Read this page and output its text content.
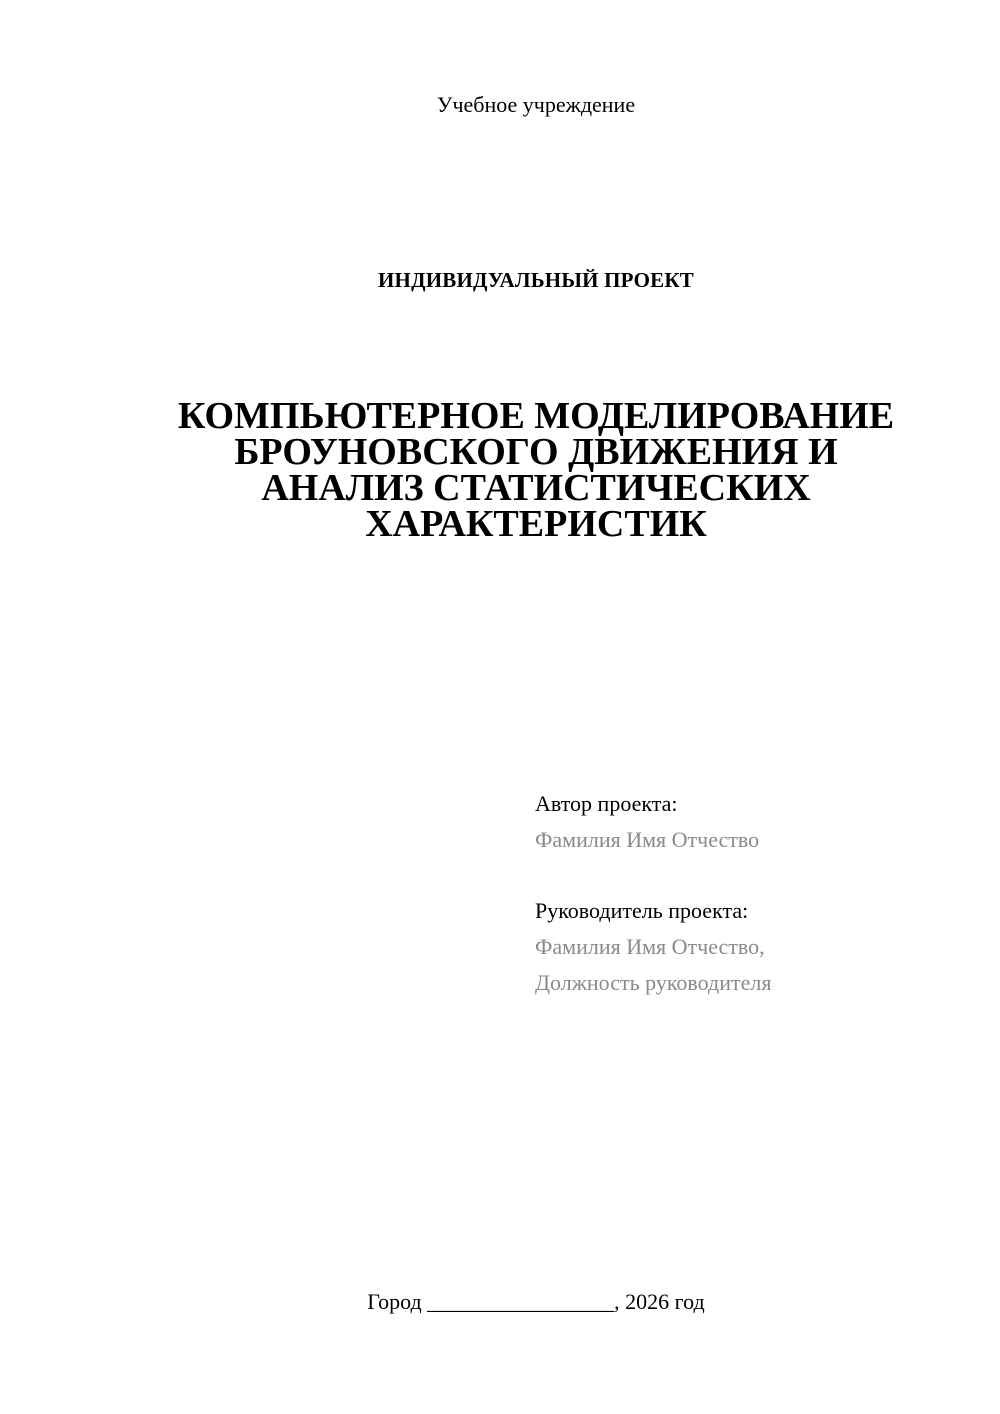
Учебное учреждение
ИНДИВИДУАЛЬНЫЙ ПРОЕКТ
КОМПЬЮТЕРНОЕ МОДЕЛИРОВАНИЕ
БРОУНОВСКОГО ДВИЖЕНИЯ И
АНАЛИЗ СТАТИСТИЧЕСКИХ
ХАРАКТЕРИСТИК
Автор проекта:
Фамилия Имя Отчество
Руководитель проекта:
Фамилия Имя Отчество,
Должность руководителя
Город _________________, 2026 год
